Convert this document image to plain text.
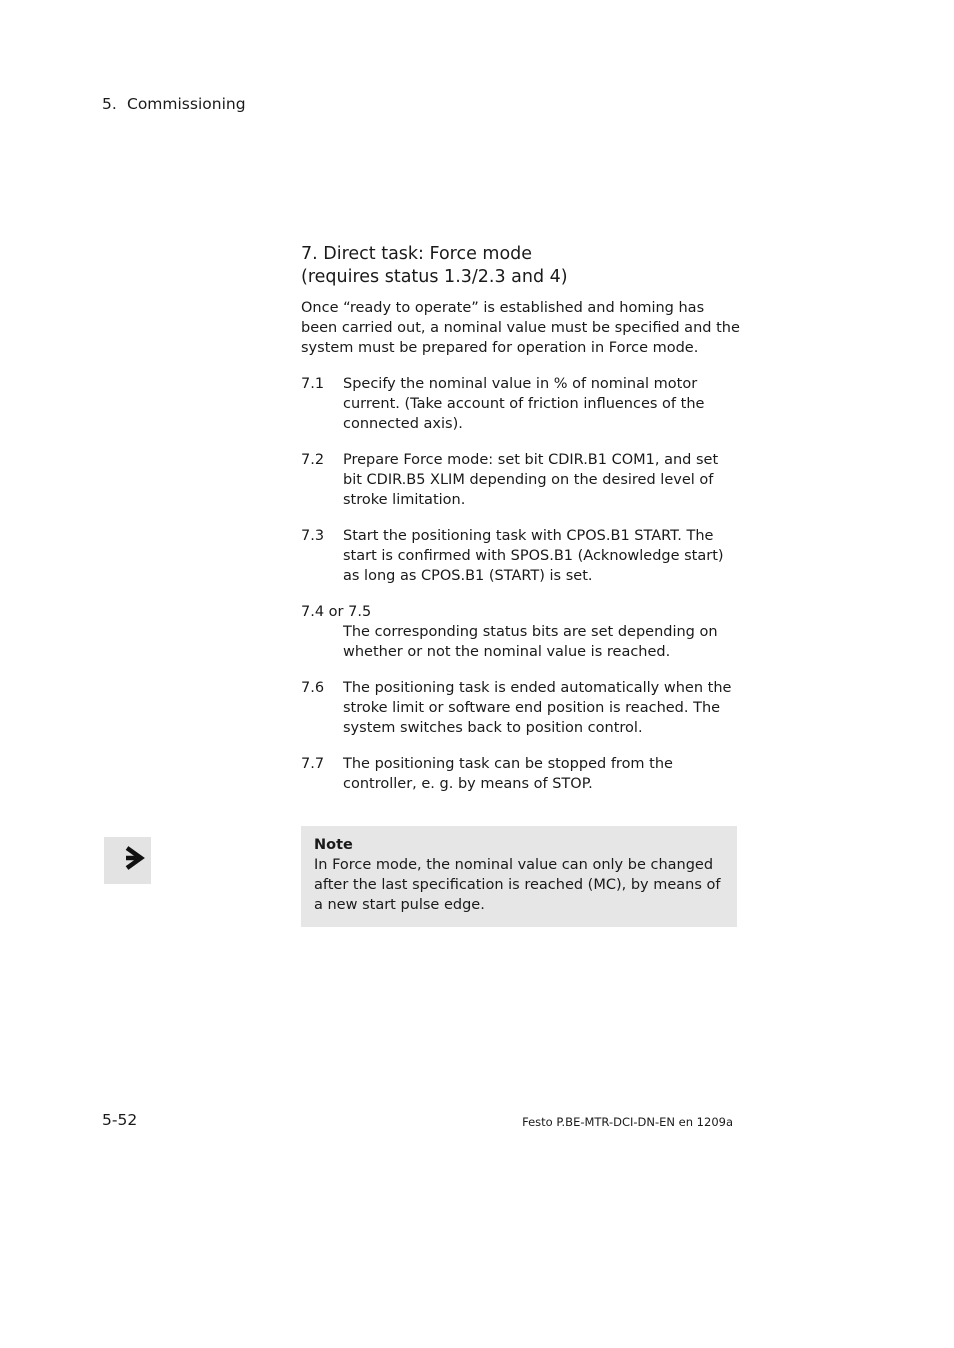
5. Commissioning
7. Direct task: Force mode
(requires status 1.3/2.3 and 4)

Once “ready to operate” is established and homing has been carried out, a nominal value must be specified and the system must be prepared for operation in Force mode.

7.1 Specify the nominal value in % of nominal motor current. (Take account of friction influences of the connected axis).
7.2 Prepare Force mode: set bit CDIR.B1 COM1, and set bit CDIR.B5 XLIM depending on the desired level of stroke limitation.
7.3 Start the positioning task with CPOS.B1 START. The start is confirmed with SPOS.B1 (Acknowledge start) as long as CPOS.B1 (START) is set.
7.4 or 7.5
The corresponding status bits are set depending on whether or not the nominal value is reached.
7.6 The positioning task is ended automatically when the stroke limit or software end position is reached. The system switches back to position control.
7.7 The positioning task can be stopped from the controller, e. g. by means of STOP.
Note
In Force mode, the nominal value can only be changed after the last specification is reached (MC), by means of a new start pulse edge.
5-52	Festo P.BE-MTR-DCI-DN-EN en 1209a
